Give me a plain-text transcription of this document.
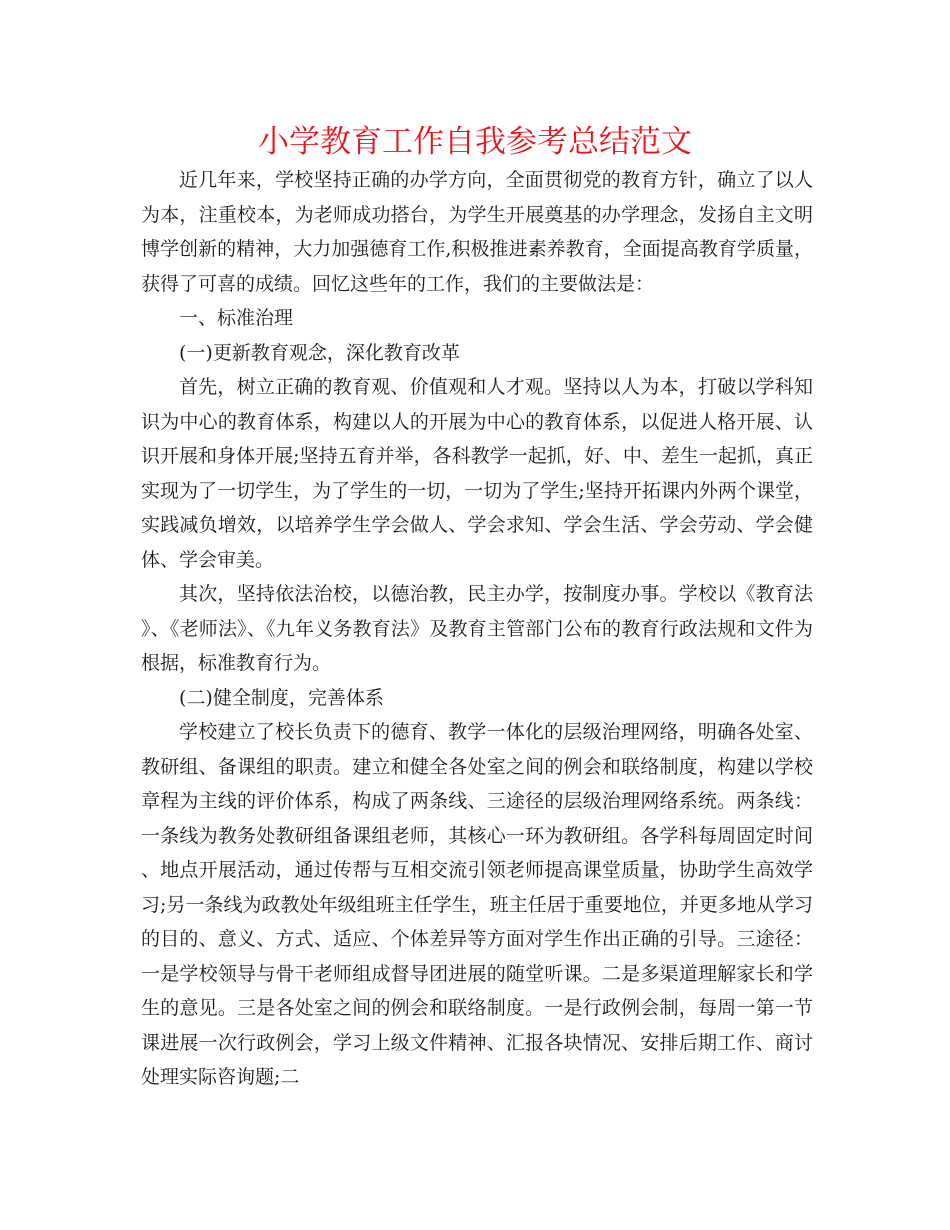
小学教育工作自我参考总结范文

近几年来，学校坚持正确的办学方向，全面贯彻党的教育方针，确立了以人为本，注重校本，为老师成功搭台，为学生开展奠基的办学理念，发扬自主文明博学创新的精神，大力加强德育工作,积极推进素养教育，全面提高教育学质量，获得了可喜的成绩。回忆这些年的工作，我们的主要做法是：

一、标准治理

(一)更新教育观念，深化教育改革

首先，树立正确的教育观、价值观和人才观。坚持以人为本，打破以学科知识为中心的教育体系，构建以人的开展为中心的教育体系，以促进人格开展、认识开展和身体开展;坚持五育并举，各科教学一起抓，好、中、差生一起抓，真正实现为了一切学生，为了学生的一切，一切为了学生;坚持开拓课内外两个课堂，实践减负增效，以培养学生学会做人、学会求知、学会生活、学会劳动、学会健体、学会审美。

其次，坚持依法治校，以德治教，民主办学，按制度办事。学校以《教育法》、《老师法》、《九年义务教育法》及教育主管部门公布的教育行政法规和文件为根据，标准教育行为。

(二)健全制度，完善体系

学校建立了校长负责下的德育、教学一体化的层级治理网络，明确各处室、教研组、备课组的职责。建立和健全各处室之间的例会和联络制度，构建以学校章程为主线的评价体系，构成了两条线、三途径的层级治理网络系统。两条线：一条线为教务处教研组备课组老师，其核心一环为教研组。各学科每周固定时间、地点开展活动，通过传帮与互相交流引领老师提高课堂质量，协助学生高效学习;另一条线为政教处年级组班主任学生，班主任居于重要地位，并更多地从学习的目的、意义、方式、适应、个体差异等方面对学生作出正确的引导。三途径：一是学校领导与骨干老师组成督导团进展的随堂听课。二是多渠道理解家长和学生的意见。三是各处室之间的例会和联络制度。一是行政例会制，每周一第一节课进展一次行政例会，学习上级文件精神、汇报各块情况、安排后期工作、商讨处理实际咨询题;二
